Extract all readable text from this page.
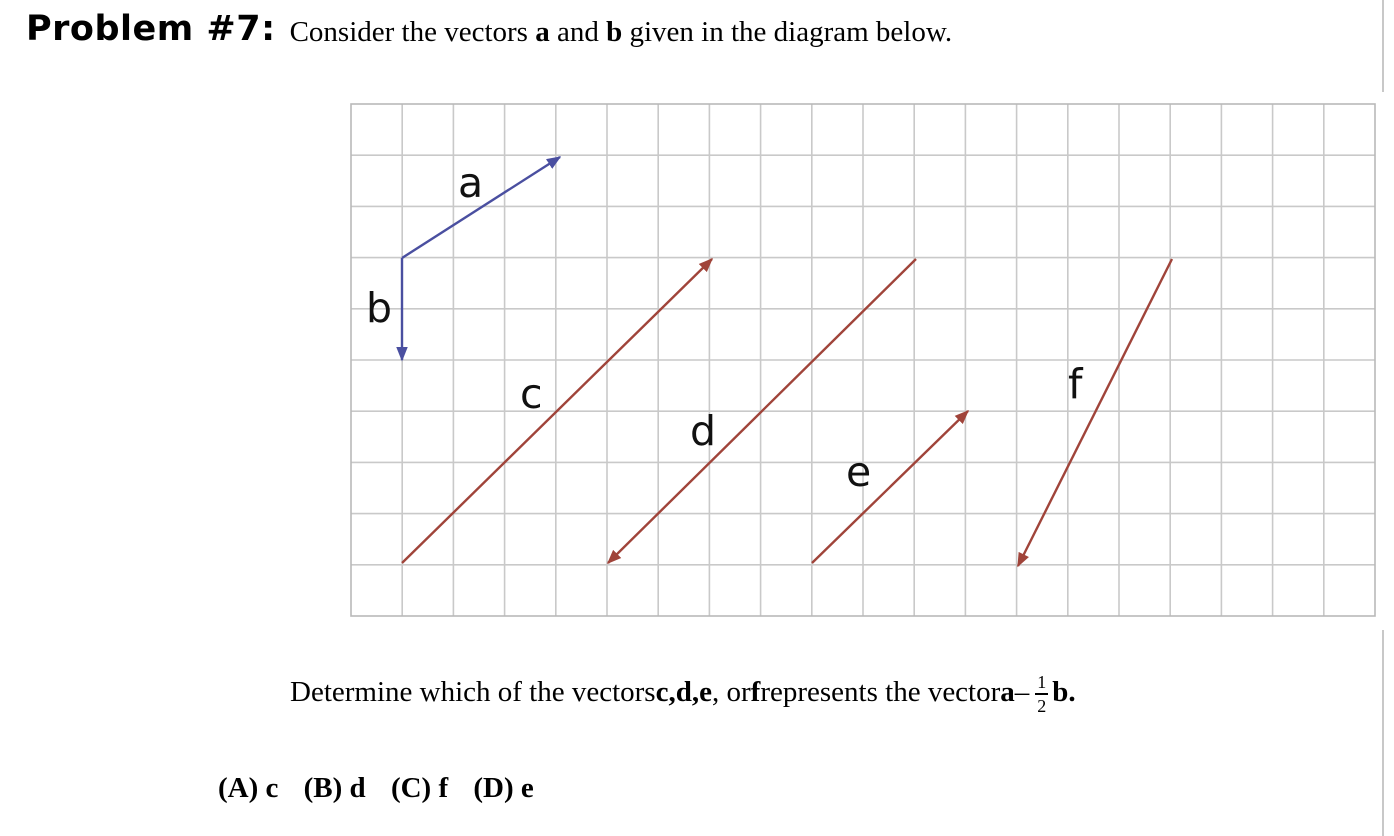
Problem #7: Consider the vectors a and b given in the diagram below.
a
b
c
d
e
f
Determine which of the vectors c , d , e , or f represents the vector a – $\frac{1}{2}$ b .
(A) c (B) d (C) f (D) e
